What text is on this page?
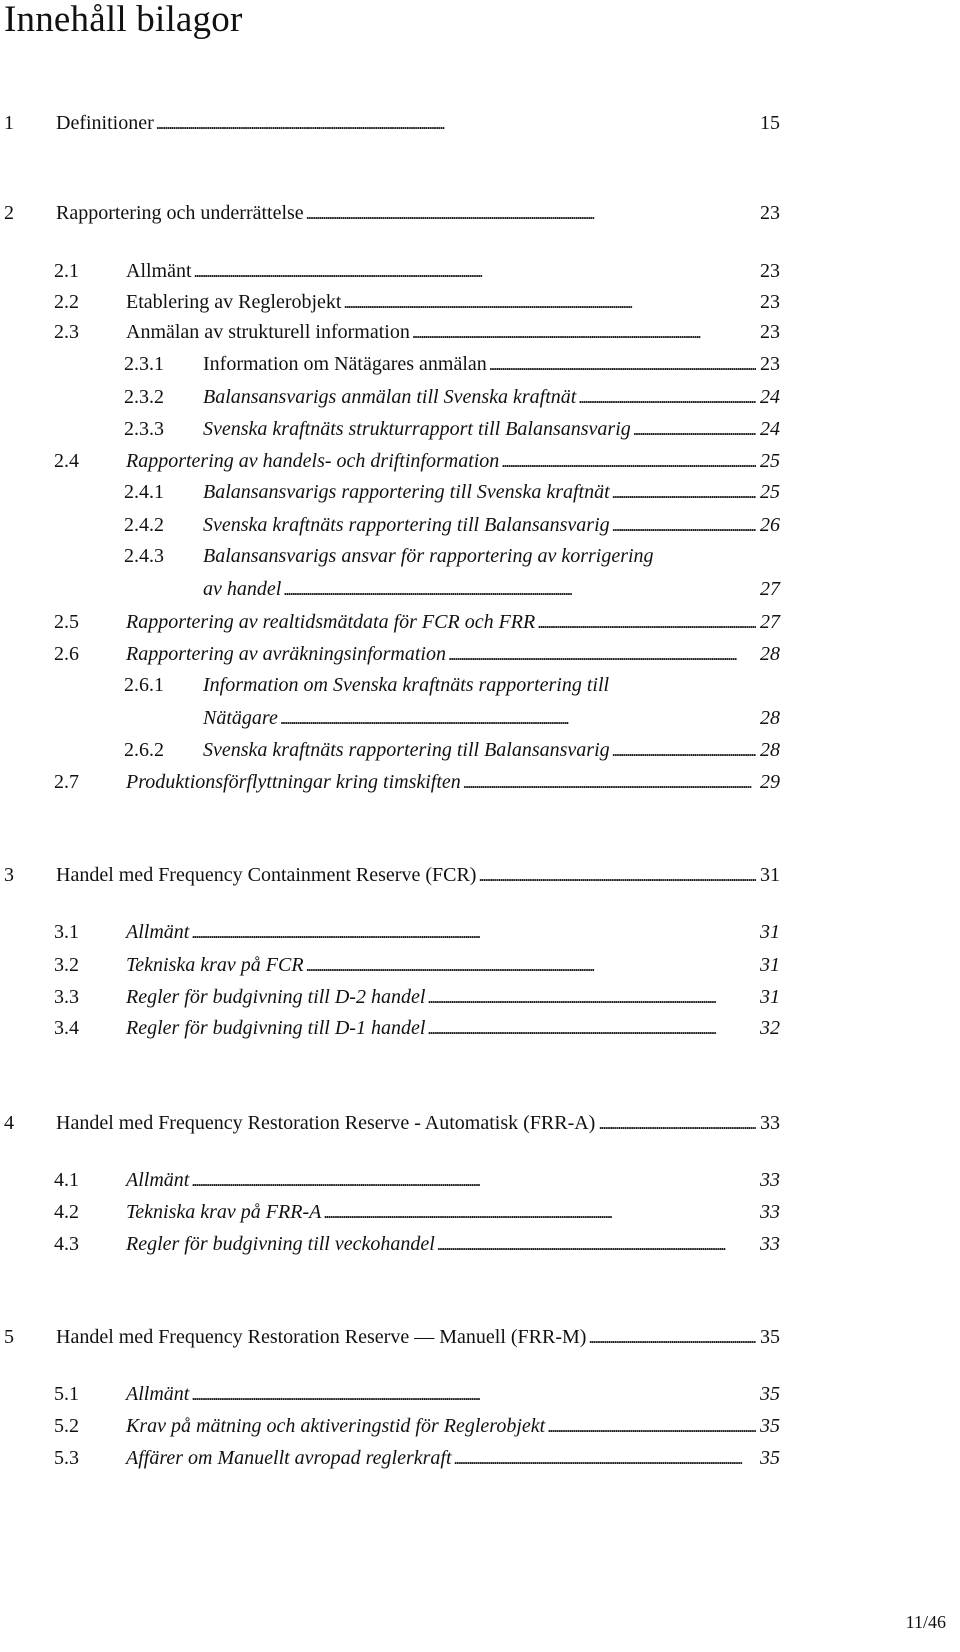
Innehåll bilagor
1 Definitioner . . .	15
2 Rapportering och underrättelse . . .	23
2.1 Allmänt . . .	23
2.2 Etablering av Reglerobjekt . . .	23
2.3 Anmälan av strukturell information . . .	23
2.3.1 Information om Nätägares anmälan . . .	23
2.3.2 Balansansvarigs anmälan till Svenska kraftnät . . .	24
2.3.3 Svenska kraftnäts strukturrapport till Balansansvarig . . .	24
2.4 Rapportering av handels- och driftinformation . . .	25
2.4.1 Balansansvarigs rapportering till Svenska kraftnät . . .	25
2.4.2 Svenska kraftnäts rapportering till Balansansvarig . . .	26
2.4.3 Balansansvarigs ansvar för rapportering av korrigering
av handel . . .	27
2.5 Rapportering av realtidsmätdata för FCR och FRR . . .	27
2.6 Rapportering av avräkningsinformation . . .	28
2.6.1 Information om Svenska kraftnäts rapportering till
Nätägare . . .	28
2.6.2 Svenska kraftnäts rapportering till Balansansvarig . . .	28
2.7 Produktionsförflyttningar kring timskiften . . .	29
3 Handel med Frequency Containment Reserve (FCR) . . .	31
3.1 Allmänt . . .	31
3.2 Tekniska krav på FCR . . .	31
3.3 Regler för budgivning till D-2 handel . . .	31
3.4 Regler för budgivning till D-1 handel . . .	32
4 Handel med Frequency Restoration Reserve - Automatisk (FRR-A) . . .	33
4.1 Allmänt . . .	33
4.2 Tekniska krav på FRR-A . . .	33
4.3 Regler för budgivning till veckohandel . . .	33
5 Handel med Frequency Restoration Reserve — Manuell (FRR-M) . . .	35
5.1 Allmänt . . .	35
5.2 Krav på mätning och aktiveringstid för Reglerobjekt . . .	35
5.3 Affärer om Manuellt avropad reglerkraft . . .	35
11/46
